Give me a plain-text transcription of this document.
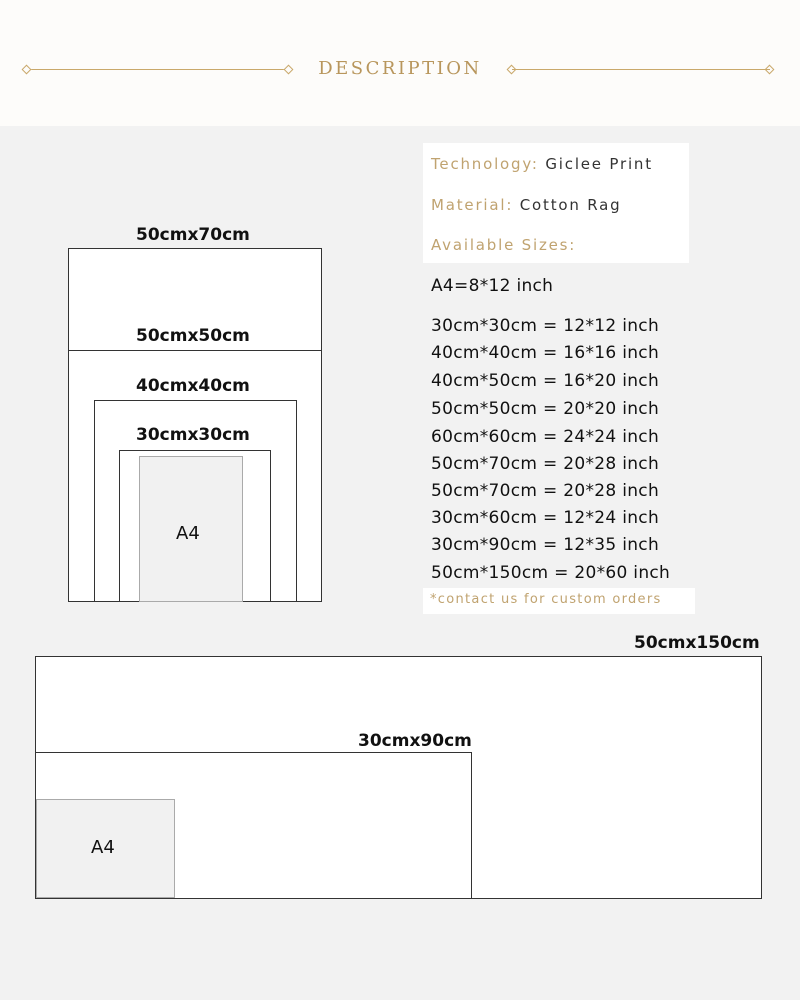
DESCRIPTION
Technology: Giclee Print
Material: Cotton Rag
Available Sizes:
A4=8*12 inch
30cm*30cm = 12*12 inch
40cm*40cm = 16*16 inch
40cm*50cm = 16*20 inch
50cm*50cm = 20*20 inch
60cm*60cm = 24*24 inch
50cm*70cm = 20*28 inch
50cm*70cm = 20*28 inch
30cm*60cm = 12*24 inch
30cm*90cm = 12*35 inch
50cm*150cm = 20*60 inch
*contact us for custom orders
50cmx70cm
50cmx50cm
40cmx40cm
30cmx30cm
A4
50cmx150cm
30cmx90cm
A4
